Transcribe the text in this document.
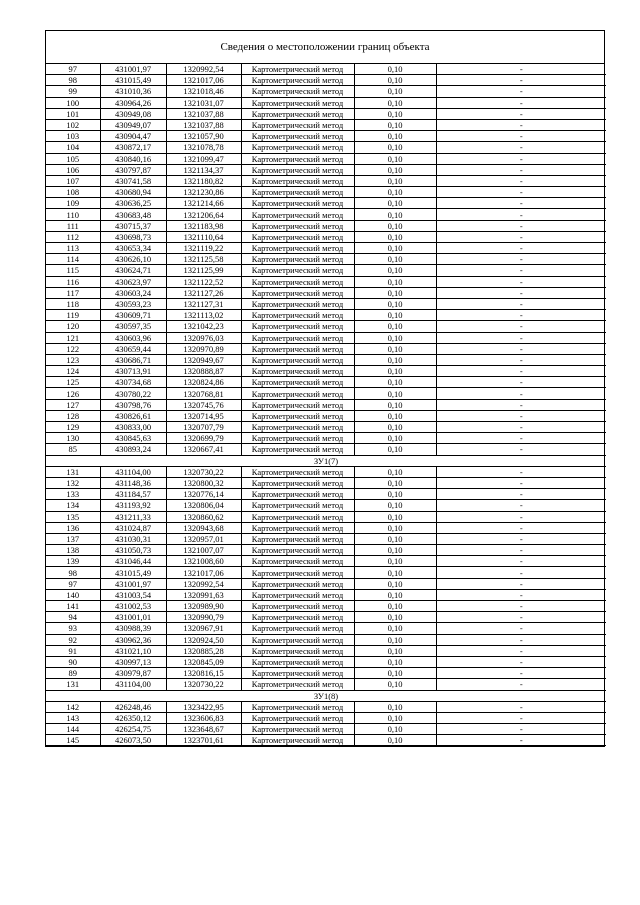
Сведения о местоположении границ объекта
97	431001,97	1320992,54	Картометрический метод	0,10	-
98	431015,49	1321017,06	Картометрический метод	0,10	-
99	431010,36	1321018,46	Картометрический метод	0,10	-
100	430964,26	1321031,07	Картометрический метод	0,10	-
101	430949,08	1321037,88	Картометрический метод	0,10	-
102	430949,07	1321037,88	Картометрический метод	0,10	-
103	430904,47	1321057,90	Картометрический метод	0,10	-
104	430872,17	1321078,78	Картометрический метод	0,10	-
105	430840,16	1321099,47	Картометрический метод	0,10	-
106	430797,87	1321134,37	Картометрический метод	0,10	-
107	430741,58	1321180,82	Картометрический метод	0,10	-
108	430680,94	1321230,86	Картометрический метод	0,10	-
109	430636,25	1321214,66	Картометрический метод	0,10	-
110	430683,48	1321206,64	Картометрический метод	0,10	-
111	430715,37	1321183,98	Картометрический метод	0,10	-
112	430698,73	1321110,64	Картометрический метод	0,10	-
113	430653,34	1321119,22	Картометрический метод	0,10	-
114	430626,10	1321125,58	Картометрический метод	0,10	-
115	430624,71	1321125,99	Картометрический метод	0,10	-
116	430623,97	1321122,52	Картометрический метод	0,10	-
117	430603,24	1321127,26	Картометрический метод	0,10	-
118	430593,23	1321127,31	Картометрический метод	0,10	-
119	430609,71	1321113,02	Картометрический метод	0,10	-
120	430597,35	1321042,23	Картометрический метод	0,10	-
121	430603,96	1320976,03	Картометрический метод	0,10	-
122	430659,44	1320970,89	Картометрический метод	0,10	-
123	430686,71	1320949,67	Картометрический метод	0,10	-
124	430713,91	1320888,87	Картометрический метод	0,10	-
125	430734,68	1320824,86	Картометрический метод	0,10	-
126	430780,22	1320768,81	Картометрический метод	0,10	-
127	430798,76	1320745,76	Картометрический метод	0,10	-
128	430826,61	1320714,95	Картометрический метод	0,10	-
129	430833,00	1320707,79	Картометрический метод	0,10	-
130	430845,63	1320699,79	Картометрический метод	0,10	-
85	430893,24	1320667,41	Картометрический метод	0,10	-
ЗУ1(7)					
131	431104,00	1320730,22	Картометрический метод	0,10	-
132	431148,36	1320800,32	Картометрический метод	0,10	-
133	431184,57	1320776,14	Картометрический метод	0,10	-
134	431193,92	1320806,04	Картометрический метод	0,10	-
135	431211,33	1320860,62	Картометрический метод	0,10	-
136	431024,87	1320943,68	Картометрический метод	0,10	-
137	431030,31	1320957,01	Картометрический метод	0,10	-
138	431050,73	1321007,07	Картометрический метод	0,10	-
139	431046,44	1321008,60	Картометрический метод	0,10	-
98	431015,49	1321017,06	Картометрический метод	0,10	-
97	431001,97	1320992,54	Картометрический метод	0,10	-
140	431003,54	1320991,63	Картометрический метод	0,10	-
141	431002,53	1320989,90	Картометрический метод	0,10	-
94	431001,01	1320990,79	Картометрический метод	0,10	-
93	430988,39	1320967,91	Картометрический метод	0,10	-
92	430962,36	1320924,50	Картометрический метод	0,10	-
91	431021,10	1320885,28	Картометрический метод	0,10	-
90	430997,13	1320845,09	Картометрический метод	0,10	-
89	430979,87	1320816,15	Картометрический метод	0,10	-
131	431104,00	1320730,22	Картометрический метод	0,10	-
ЗУ1(8)					
142	426248,46	1323422,95	Картометрический метод	0,10	-
143	426350,12	1323606,83	Картометрический метод	0,10	-
144	426254,75	1323648,67	Картометрический метод	0,10	-
145	426073,50	1323701,61	Картометрический метод	0,10	-
